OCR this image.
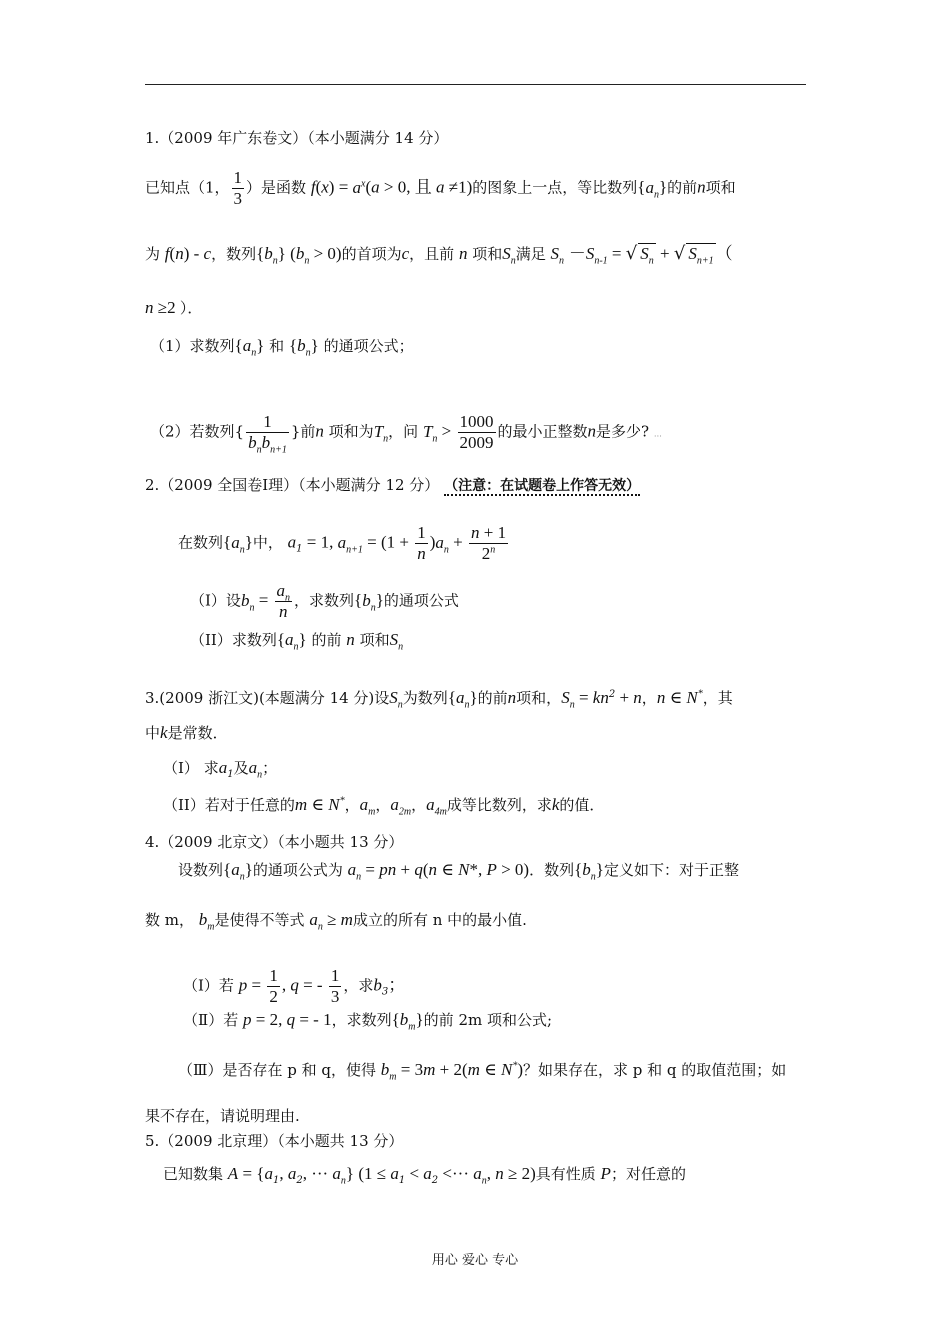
1.（2009 年广东卷文）（本小题满分 14 分）
已知点（1， $\frac{1}{3}$ ）是函数 $f(x) = a^x(a > 0$, 且 a ≠1)的图象上一点，等比数列$\{a_n\}$的前n项和
为 f(n) - c，数列$\{b_n\} (b_n > 0)$的首项为c，且前 n 项和$S_n$满足 $S_n -S_{n-1}$ = √ $S_n$ + √ $S_{n+1}$ （
n ≥2 ）．
（1）求数列$\{a_n\}$ 和 $\{b_n\}$ 的通项公式；
（2）若数列{ $\frac{1}{b_nb_{n+1}}$ }前n 项和为$T_n$，问 $T_n > \frac{1000}{2009}$ 的最小正整数n是多少? …
2.（2009 全国卷Ⅰ理）（本小题满分 12 分） （注意：在试题卷上作答无效）
在数列$\{a_n\}$中， $a_1 = 1$, $a_{n+1} = (1 + \frac{1}{n} )a_n + \frac{n + 1}{2^n}$
（I）设$b_n = \frac{a_n}{n}$ ，求数列$\{b_n\}$的通项公式
（II）求数列$\{a_n\}$ 的前 n 项和$S_n$
3.(2009 浙江文)(本题满分 14 分)设$S_n$为数列$\{a_n\}$的前n项和，$S_n = kn^2 + n$，n ∈ N*，其
中k是常数．
（I） 求$a_1$及$a_n$；
（II）若对于任意的m ∈ N*，$a_m$，$a_{2m}$，$a_{4m}$成等比数列，求k的值．
4.（2009 北京文）（本小题共 13 分）
设数列$\{a_n\}$的通项公式为 $a_n$ = pn + q(n ∈ N*, P > 0)．数列$\{b_n\}$定义如下：对于正整
数 m， $b_m$是使得不等式 $a_n \ge m$成立的所有 n 中的最小值.
（Ⅰ）若 $p = \frac{1}{2}$ , q = - $\frac{1}{3}$ ，求$b_3$；
（Ⅱ）若 p = 2, q = - 1，求数列$\{b_m\}$的前 2m 项和公式;
（Ⅲ）是否存在 p 和 q，使得 $b_m = 3m + 2(m$ ∈ N*)？如果存在，求 p 和 q 的取值范围；如
果不存在，请说明理由.
5.（2009 北京理）（本小题共 13 分）
已知数集 $A = \{a_1$, $a_2$, ··· $a_n$} ($1 \le a_1 < a_2$ <··· $a_n$, n ≥ 2)具有性质 P；对任意的
用心 爱心 专心
